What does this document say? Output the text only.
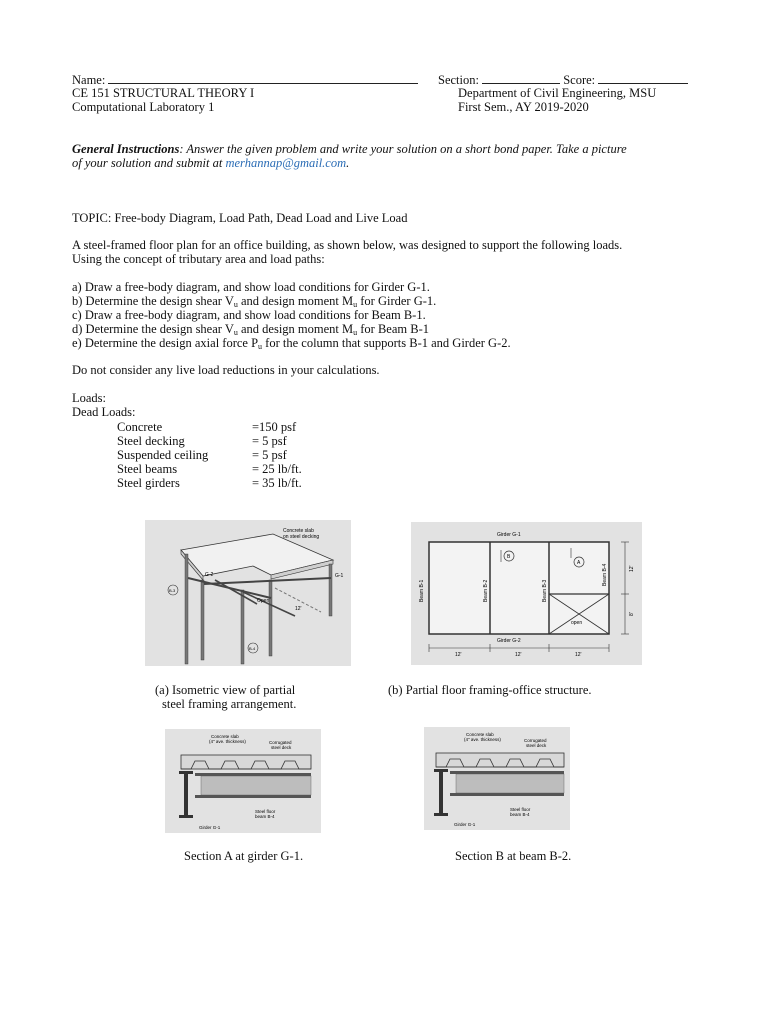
Name:	Section:	Score:
CE 151 STRUCTURAL THEORY I	Department of Civil Engineering, MSU
Computational Laboratory 1	First Sem., AY 2019-2020
General Instructions: Answer the given problem and write your solution on a short bond paper. Take a picture
of your solution and submit at merhannap@gmail.com.
TOPIC: Free-body Diagram, Load Path, Dead Load and Live Load
A steel-framed floor plan for an office building, as shown below, was designed to support the following loads.
Using the concept of tributary area and load paths:
a) Draw a free-body diagram, and show load conditions for Girder G-1.
b) Determine the design shear $V_u$ and design moment $M_u$ for Girder G-1.
c) Draw a free-body diagram, and show load conditions for Beam B-1.
d) Determine the design shear $V_u$ and design moment $M_u$ for Beam B-1
e) Determine the design axial force $P_u$ for the column that supports B-1 and Girder G-2.
Do not consider any live load reductions in your calculations.
Loads:
Dead Loads:
Concrete	=150 psf
Steel decking	= 5 psf
Suspended ceiling	= 5 psf
Steel beams	= 25 lb/ft.
Steel girders	= 35 lb/ft.
Concrete slab
on steel decking
G-1
G-2
B-3
B-4
Open
12'
(a) Isometric view of partial
steel framing arrangement.
Beam B-1	Beam B-2	Beam B-3
Beam B-4
Girder G-1
Girder G-2
B
A
open
12'	12'	12'
12'
8'
(b) Partial floor framing-office structure.
Concrete slab
(4" ave. thickness)	Corrugated
steel deck
Steel floor
beam B-4
Girder G-1
Section A at girder G-1.
Concrete slab
(4" ave. thickness)	Corrugated
steel deck
Steel floor
beam B-4
Girder G-1
Section B at beam B-2.
